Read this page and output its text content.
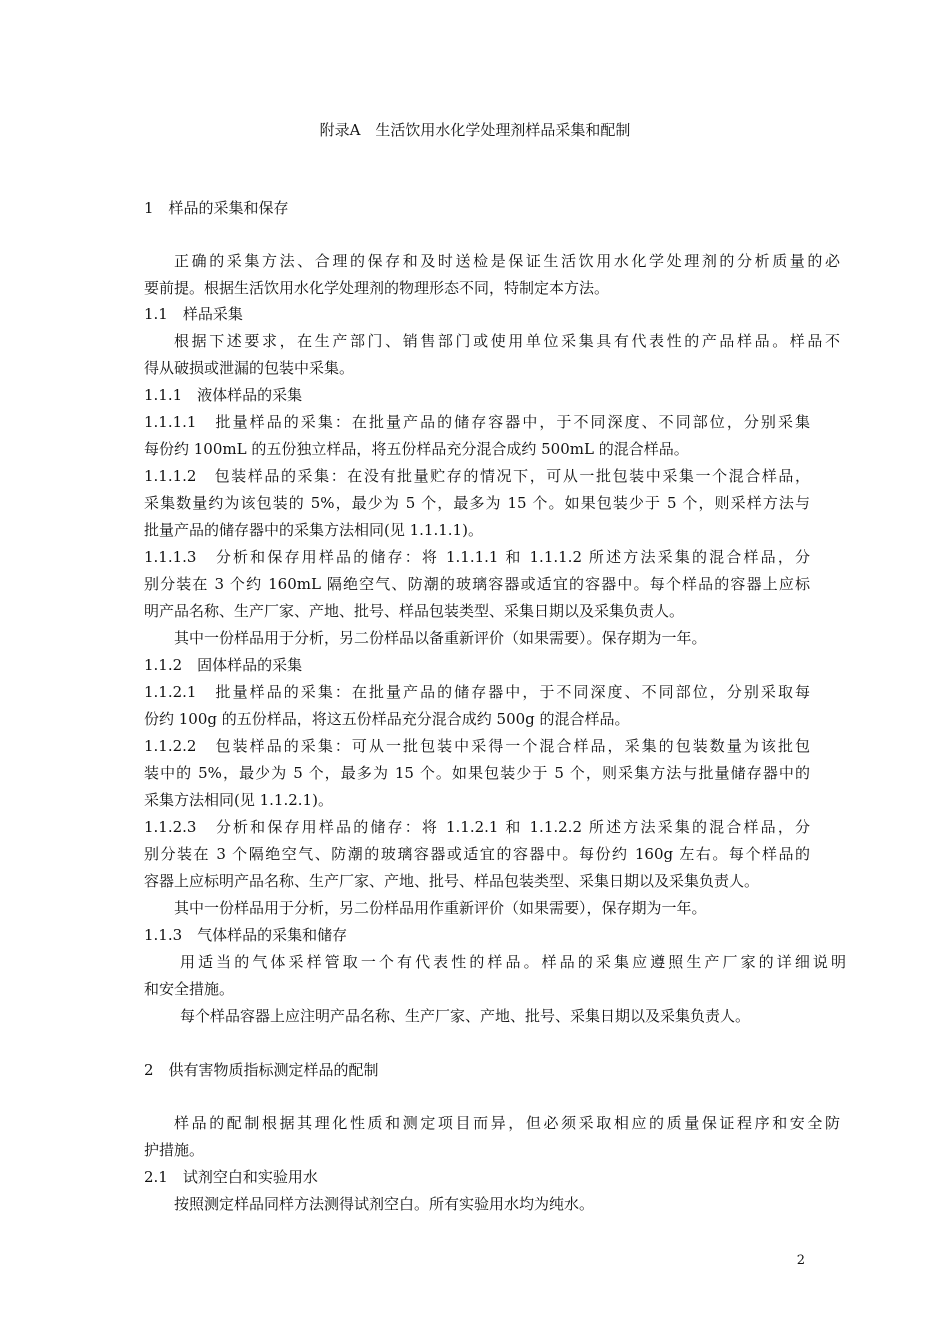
附录A　生活饮用水化学处理剂样品采集和配制
1　样品的采集和保存
正确的采集方法、合理的保存和及时送检是保证生活饮用水化学处理剂的分析质量的必
要前提。根据生活饮用水化学处理剂的物理形态不同，特制定本方法。
1.1　样品采集
根据下述要求，在生产部门、销售部门或使用单位采集具有代表性的产品样品。样品不
得从破损或泄漏的包装中采集。
1.1.1　液体样品的采集
1.1.1.1　批量样品的采集：在批量产品的储存容器中，于不同深度、不同部位，分别采集
每份约 100mL 的五份独立样品，将五份样品充分混合成约 500mL 的混合样品。
1.1.1.2　包装样品的采集：在没有批量贮存的情况下，可从一批包装中采集一个混合样品，
采集数量约为该包装的 5%，最少为 5 个，最多为 15 个。如果包装少于 5 个，则采样方法与
批量产品的储存器中的采集方法相同(见 1.1.1.1)。
1.1.1.3　分析和保存用样品的储存：将 1.1.1.1 和 1.1.1.2 所述方法采集的混合样品，分
别分装在 3 个约 160mL 隔绝空气、防潮的玻璃容器或适宜的容器中。每个样品的容器上应标
明产品名称、生产厂家、产地、批号、样品包装类型、采集日期以及采集负责人。
其中一份样品用于分析，另二份样品以备重新评价（如果需要）。保存期为一年。
1.1.2　固体样品的采集
1.1.2.1　批量样品的采集：在批量产品的储存器中，于不同深度、不同部位，分别采取每
份约 100g 的五份样品，将这五份样品充分混合成约 500g 的混合样品。
1.1.2.2　包装样品的采集：可从一批包装中采得一个混合样品，采集的包装数量为该批包
装中的 5%，最少为 5 个，最多为 15 个。如果包装少于 5 个，则采集方法与批量储存器中的
采集方法相同(见 1.1.2.1)。
1.1.2.3　分析和保存用样品的储存：将 1.1.2.1 和 1.1.2.2 所述方法采集的混合样品，分
别分装在 3 个隔绝空气、防潮的玻璃容器或适宜的容器中。每份约 160g 左右。每个样品的
容器上应标明产品名称、生产厂家、产地、批号、样品包装类型、采集日期以及采集负责人。
其中一份样品用于分析，另二份样品用作重新评价（如果需要），保存期为一年。
1.1.3　气体样品的采集和储存
用适当的气体采样管取一个有代表性的样品。样品的采集应遵照生产厂家的详细说明
和安全措施。
每个样品容器上应注明产品名称、生产厂家、产地、批号、采集日期以及采集负责人。
2　供有害物质指标测定样品的配制
样品的配制根据其理化性质和测定项目而异，但必须采取相应的质量保证程序和安全防
护措施。
2.1　试剂空白和实验用水
按照测定样品同样方法测得试剂空白。所有实验用水均为纯水。
2
